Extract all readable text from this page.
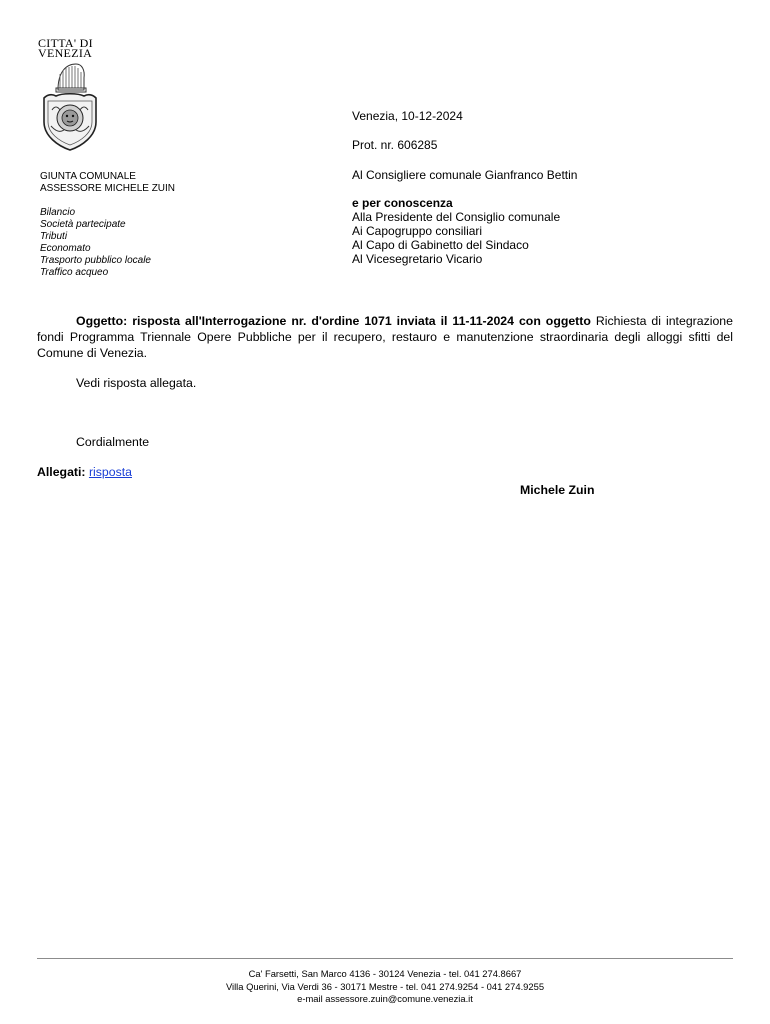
CITTA' DI
VENEZIA
GIUNTA COMUNALE
ASSESSORE MICHELE ZUIN
Bilancio
Società partecipate
Tributi
Economato
Trasporto pubblico locale
Traffico acqueo
Venezia, 10-12-2024
Prot. nr. 606285
Al Consigliere comunale Gianfranco Bettin
e per conoscenza
Alla Presidente del Consiglio comunale
Ai Capogruppo consiliari
Al Capo di Gabinetto del Sindaco
Al Vicesegretario Vicario
Oggetto: risposta all'Interrogazione nr. d'ordine 1071 inviata il 11-11-2024 con oggetto Richiesta di integrazione fondi Programma Triennale Opere Pubbliche per il recupero, restauro e manutenzione straordinaria degli alloggi sfitti del Comune di Venezia.
Vedi risposta allegata.
Cordialmente
Allegati: risposta
Michele Zuin
Ca' Farsetti, San Marco 4136 - 30124 Venezia - tel. 041 274.8667
Villa Querini, Via Verdi 36 - 30171 Mestre - tel. 041 274.9254 - 041 274.9255
e-mail assessore.zuin@comune.venezia.it
